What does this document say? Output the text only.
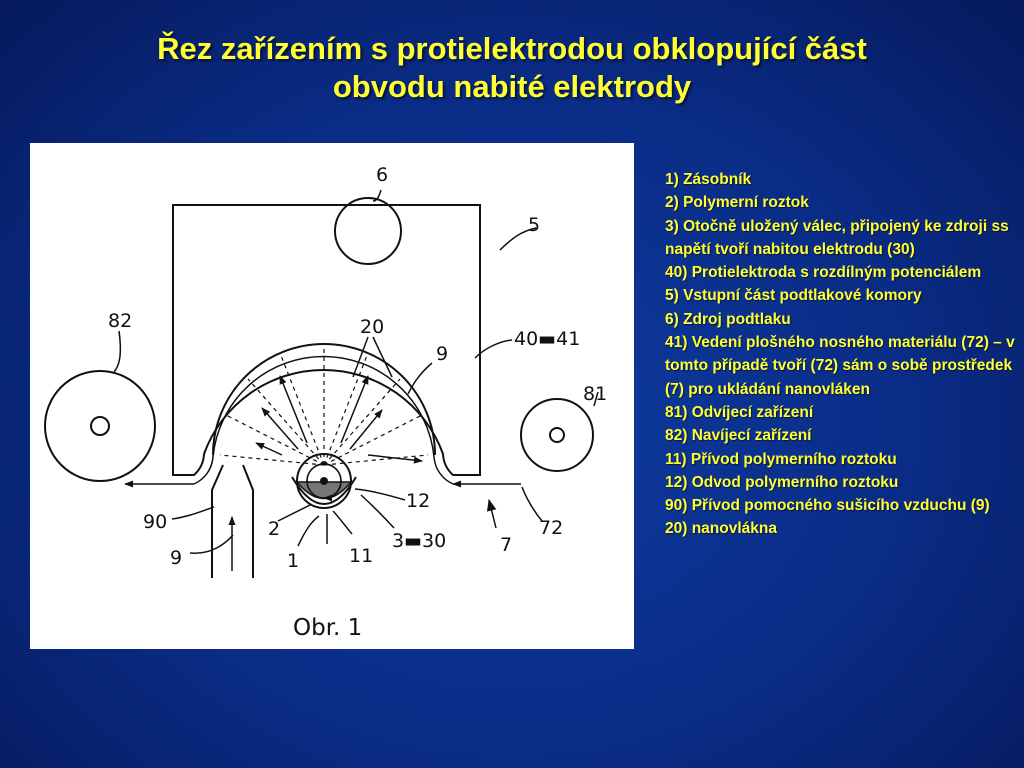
Řez zařízením s protielektrodou obklopující část
obvodu nabité elektrody
6
5
82	20
40▬41
9
81
12
90	2
3▬30
72
7
9	1	11
Obr. 1
1) Zásobník
2) Polymerní roztok
3) Otočně uložený válec, připojený ke zdroji ss napětí tvoří nabitou elektrodu (30)
40) Protielektroda s rozdílným potenciálem
5) Vstupní část podtlakové komory
6) Zdroj podtlaku
41) Vedení plošného nosného materiálu (72) – v tomto případě tvoří (72) sám o sobě prostředek (7) pro ukládání nanovláken
81) Odvíjecí zařízení
82) Navíjecí zařízení
11) Přívod polymerního roztoku
12) Odvod polymerního roztoku
90) Přívod pomocného sušicího vzduchu (9)
20) nanovlákna
